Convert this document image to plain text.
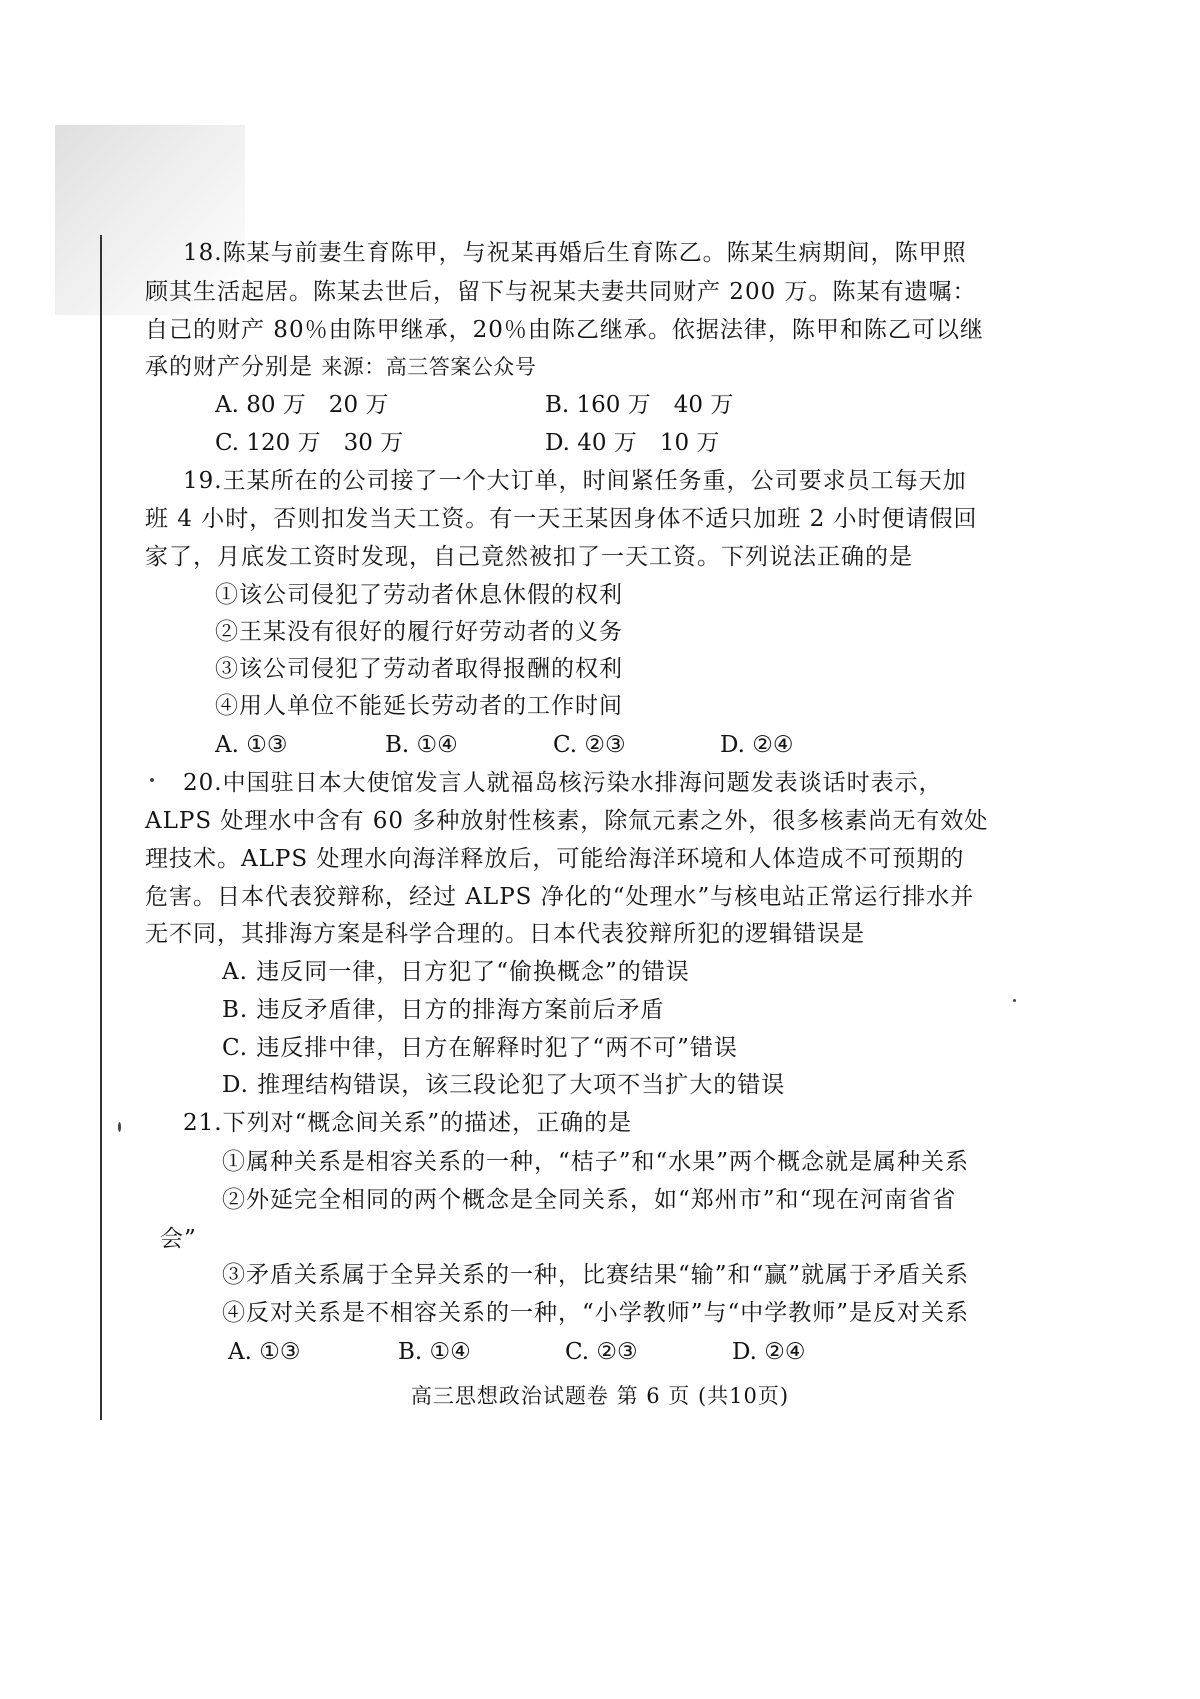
18.陈某与前妻生育陈甲，与祝某再婚后生育陈乙。陈某生病期间，陈甲照
顾其生活起居。陈某去世后，留下与祝某夫妻共同财产 200 万。陈某有遗嘱：
自己的财产 80％由陈甲继承，20％由陈乙继承。依据法律，陈甲和陈乙可以继
承的财产分别是 来源：高三答案公众号
A. 80 万　20 万	B. 160 万　40 万
C. 120 万　30 万	D. 40 万　10 万
19.王某所在的公司接了一个大订单，时间紧任务重，公司要求员工每天加
班 4 小时，否则扣发当天工资。有一天王某因身体不适只加班 2 小时便请假回
家了，月底发工资时发现，自己竟然被扣了一天工资。下列说法正确的是
①该公司侵犯了劳动者休息休假的权利
②王某没有很好的履行好劳动者的义务
③该公司侵犯了劳动者取得报酬的权利
④用人单位不能延长劳动者的工作时间
A. ①③	B. ①④	C. ②③	D. ②④
20.中国驻日本大使馆发言人就福岛核污染水排海问题发表谈话时表示，
ALPS 处理水中含有 60 多种放射性核素，除氚元素之外，很多核素尚无有效处
理技术。ALPS 处理水向海洋释放后，可能给海洋环境和人体造成不可预期的
危害。日本代表狡辩称，经过 ALPS 净化的“处理水”与核电站正常运行排水并
无不同，其排海方案是科学合理的。日本代表狡辩所犯的逻辑错误是
A. 违反同一律，日方犯了“偷换概念”的错误
B. 违反矛盾律，日方的排海方案前后矛盾
C. 违反排中律，日方在解释时犯了“两不可”错误
D. 推理结构错误，该三段论犯了大项不当扩大的错误
21.下列对“概念间关系”的描述，正确的是
①属种关系是相容关系的一种，“桔子”和“水果”两个概念就是属种关系
②外延完全相同的两个概念是全同关系，如“郑州市”和“现在河南省省
会”
③矛盾关系属于全异关系的一种，比赛结果“输”和“赢”就属于矛盾关系
④反对关系是不相容关系的一种，“小学教师”与“中学教师”是反对关系
A. ①③	B. ①④	C. ②③	D. ②④
高三思想政治试题卷 第 6 页 (共10页)
